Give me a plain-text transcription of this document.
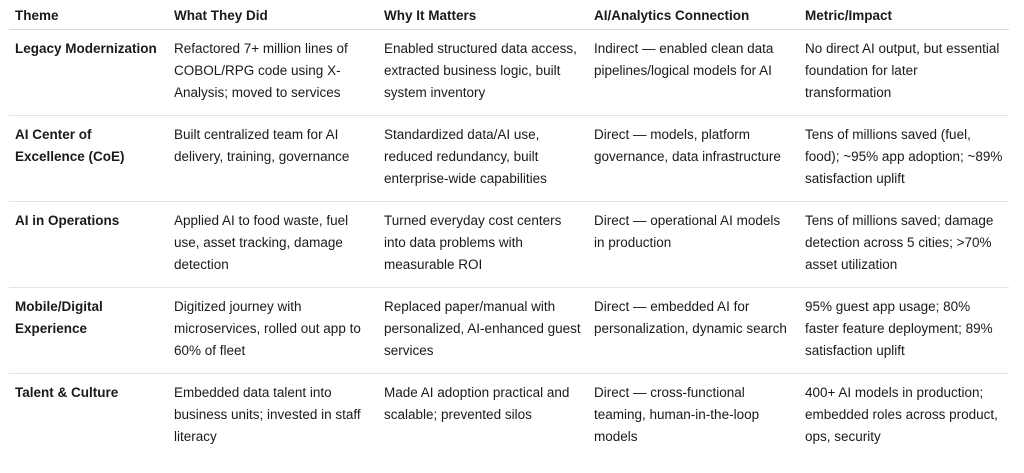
Theme	What They Did	Why It Matters	AI/Analytics Connection	Metric/Impact
Legacy Modernization	Refactored 7+ million lines of COBOL/RPG code using X-Analysis; moved to services	Enabled structured data access, extracted business logic, built system inventory	Indirect — enabled clean data pipelines/logical models for AI	No direct AI output, but essential foundation for later transformation
AI Center of Excellence (CoE)	Built centralized team for AI delivery, training, governance	Standardized data/AI use, reduced redundancy, built enterprise-wide capabilities	Direct — models, platform governance, data infrastructure	Tens of millions saved (fuel, food); ~95% app adoption; ~89% satisfaction uplift
AI in Operations	Applied AI to food waste, fuel use, asset tracking, damage detection	Turned everyday cost centers into data problems with measurable ROI	Direct — operational AI models in production	Tens of millions saved; damage detection across 5 cities; >70% asset utilization
Mobile/Digital Experience	Digitized journey with microservices, rolled out app to 60% of fleet	Replaced paper/manual with personalized, AI-enhanced guest services	Direct — embedded AI for personalization, dynamic search	95% guest app usage; 80% faster feature deployment; 89% satisfaction uplift
Talent & Culture	Embedded data talent into business units; invested in staff literacy	Made AI adoption practical and scalable; prevented silos	Direct — cross-functional teaming, human-in-the-loop models	400+ AI models in production; embedded roles across product, ops, security
